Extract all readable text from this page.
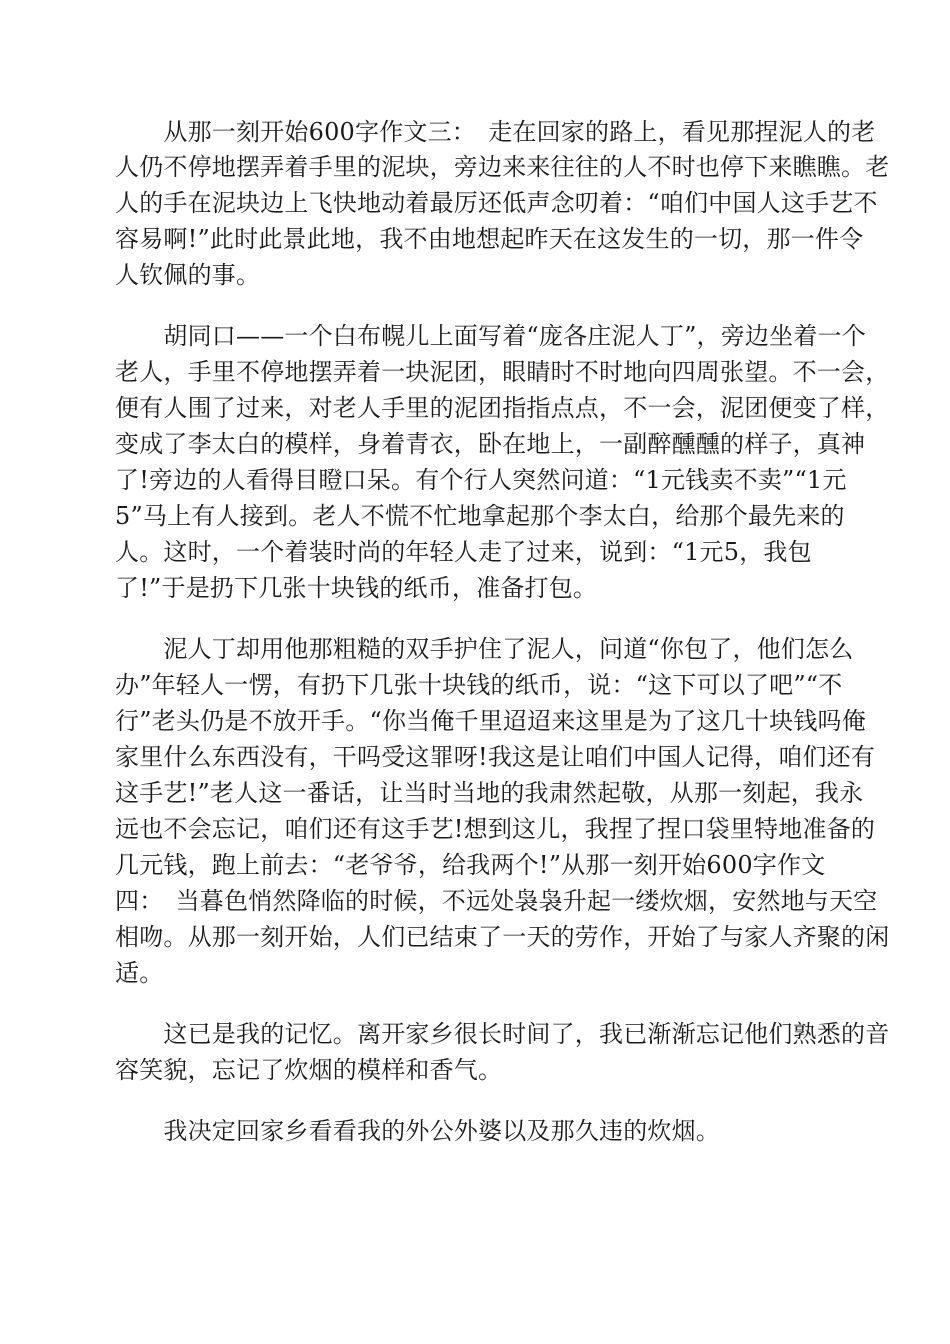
　　从那一刻开始600字作文三：　走在回家的路上，看见那捏泥人的老

人仍不停地摆弄着手里的泥块，旁边来来往往的人不时也停下来瞧瞧。老

人的手在泥块边上飞快地动着最厉还低声念叨着：“咱们中国人这手艺不

容易啊!”此时此景此地，我不由地想起昨天在这发生的一切，那一件令

人钦佩的事。

　　胡同口——一个白布幌儿上面写着“庞各庄泥人丁”，旁边坐着一个

老人，手里不停地摆弄着一块泥团，眼睛时不时地向四周张望。不一会，

便有人围了过来，对老人手里的泥团指指点点，不一会，泥团便变了样，

变成了李太白的模样，身着青衣，卧在地上，一副醉醺醺的样子，真神

了!旁边的人看得目瞪口呆。有个行人突然问道：“1元钱卖不卖”“1元

5”马上有人接到。老人不慌不忙地拿起那个李太白，给那个最先来的

人。这时，一个着装时尚的年轻人走了过来，说到：“1元5，我包

了!”于是扔下几张十块钱的纸币，准备打包。

　　泥人丁却用他那粗糙的双手护住了泥人，问道“你包了，他们怎么

办”年轻人一愣，有扔下几张十块钱的纸币，说：“这下可以了吧”“不

行”老头仍是不放开手。“你当俺千里迢迢来这里是为了这几十块钱吗俺

家里什么东西没有，干吗受这罪呀!我这是让咱们中国人记得，咱们还有

这手艺!”老人这一番话，让当时当地的我肃然起敬，从那一刻起，我永

远也不会忘记，咱们还有这手艺!想到这儿，我捏了捏口袋里特地准备的

几元钱，跑上前去：“老爷爷，给我两个!”从那一刻开始600字作文

四：　当暮色悄然降临的时候，不远处袅袅升起一缕炊烟，安然地与天空

相吻。从那一刻开始，人们已结束了一天的劳作，开始了与家人齐聚的闲

适。

　　这已是我的记忆。离开家乡很长时间了，我已渐渐忘记他们熟悉的音

容笑貌，忘记了炊烟的模样和香气。

　　我决定回家乡看看我的外公外婆以及那久违的炊烟。
